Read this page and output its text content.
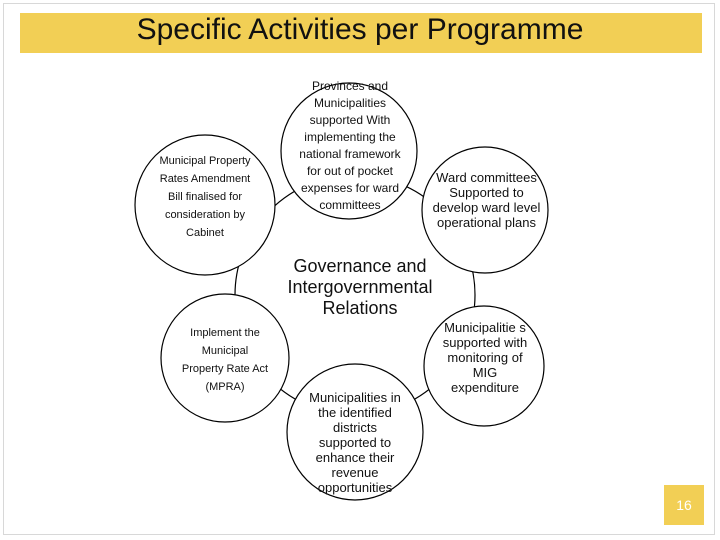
Specific Activities per Programme
Provinces and Municipalities supported With implementing the national framework for out of pocket expenses for ward committees
Ward committees Supported to develop ward level operational plans
Municipalitie s supported with monitoring of MIG expenditure
Municipalities in the identified districts supported to enhance their revenue opportunities
Implement the Municipal Property Rate Act (MPRA)
Municipal Property Rates Amendment Bill finalised for consideration by Cabinet
Governance and Intergovernmental Relations
16
